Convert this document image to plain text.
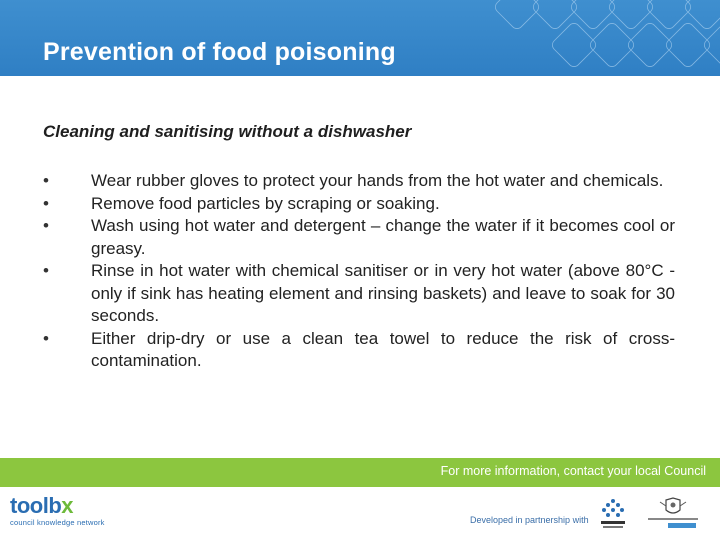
Prevention of food poisoning
Cleaning and sanitising without a dishwasher
•	Wear rubber gloves to protect your hands from the hot water and chemicals.
•	Remove food particles by scraping or soaking.
•	Wash using hot water and detergent – change the water if it becomes cool or greasy.
•	Rinse in hot water with chemical sanitiser or in very hot water (above 80°C - only if sink has heating element and rinsing baskets) and leave to soak for 30 seconds.
•	Either drip-dry or use a clean tea towel to reduce the risk of cross-contamination.
For more information, contact your local Council
toolbx
council knowledge network	Developed in partnership with
